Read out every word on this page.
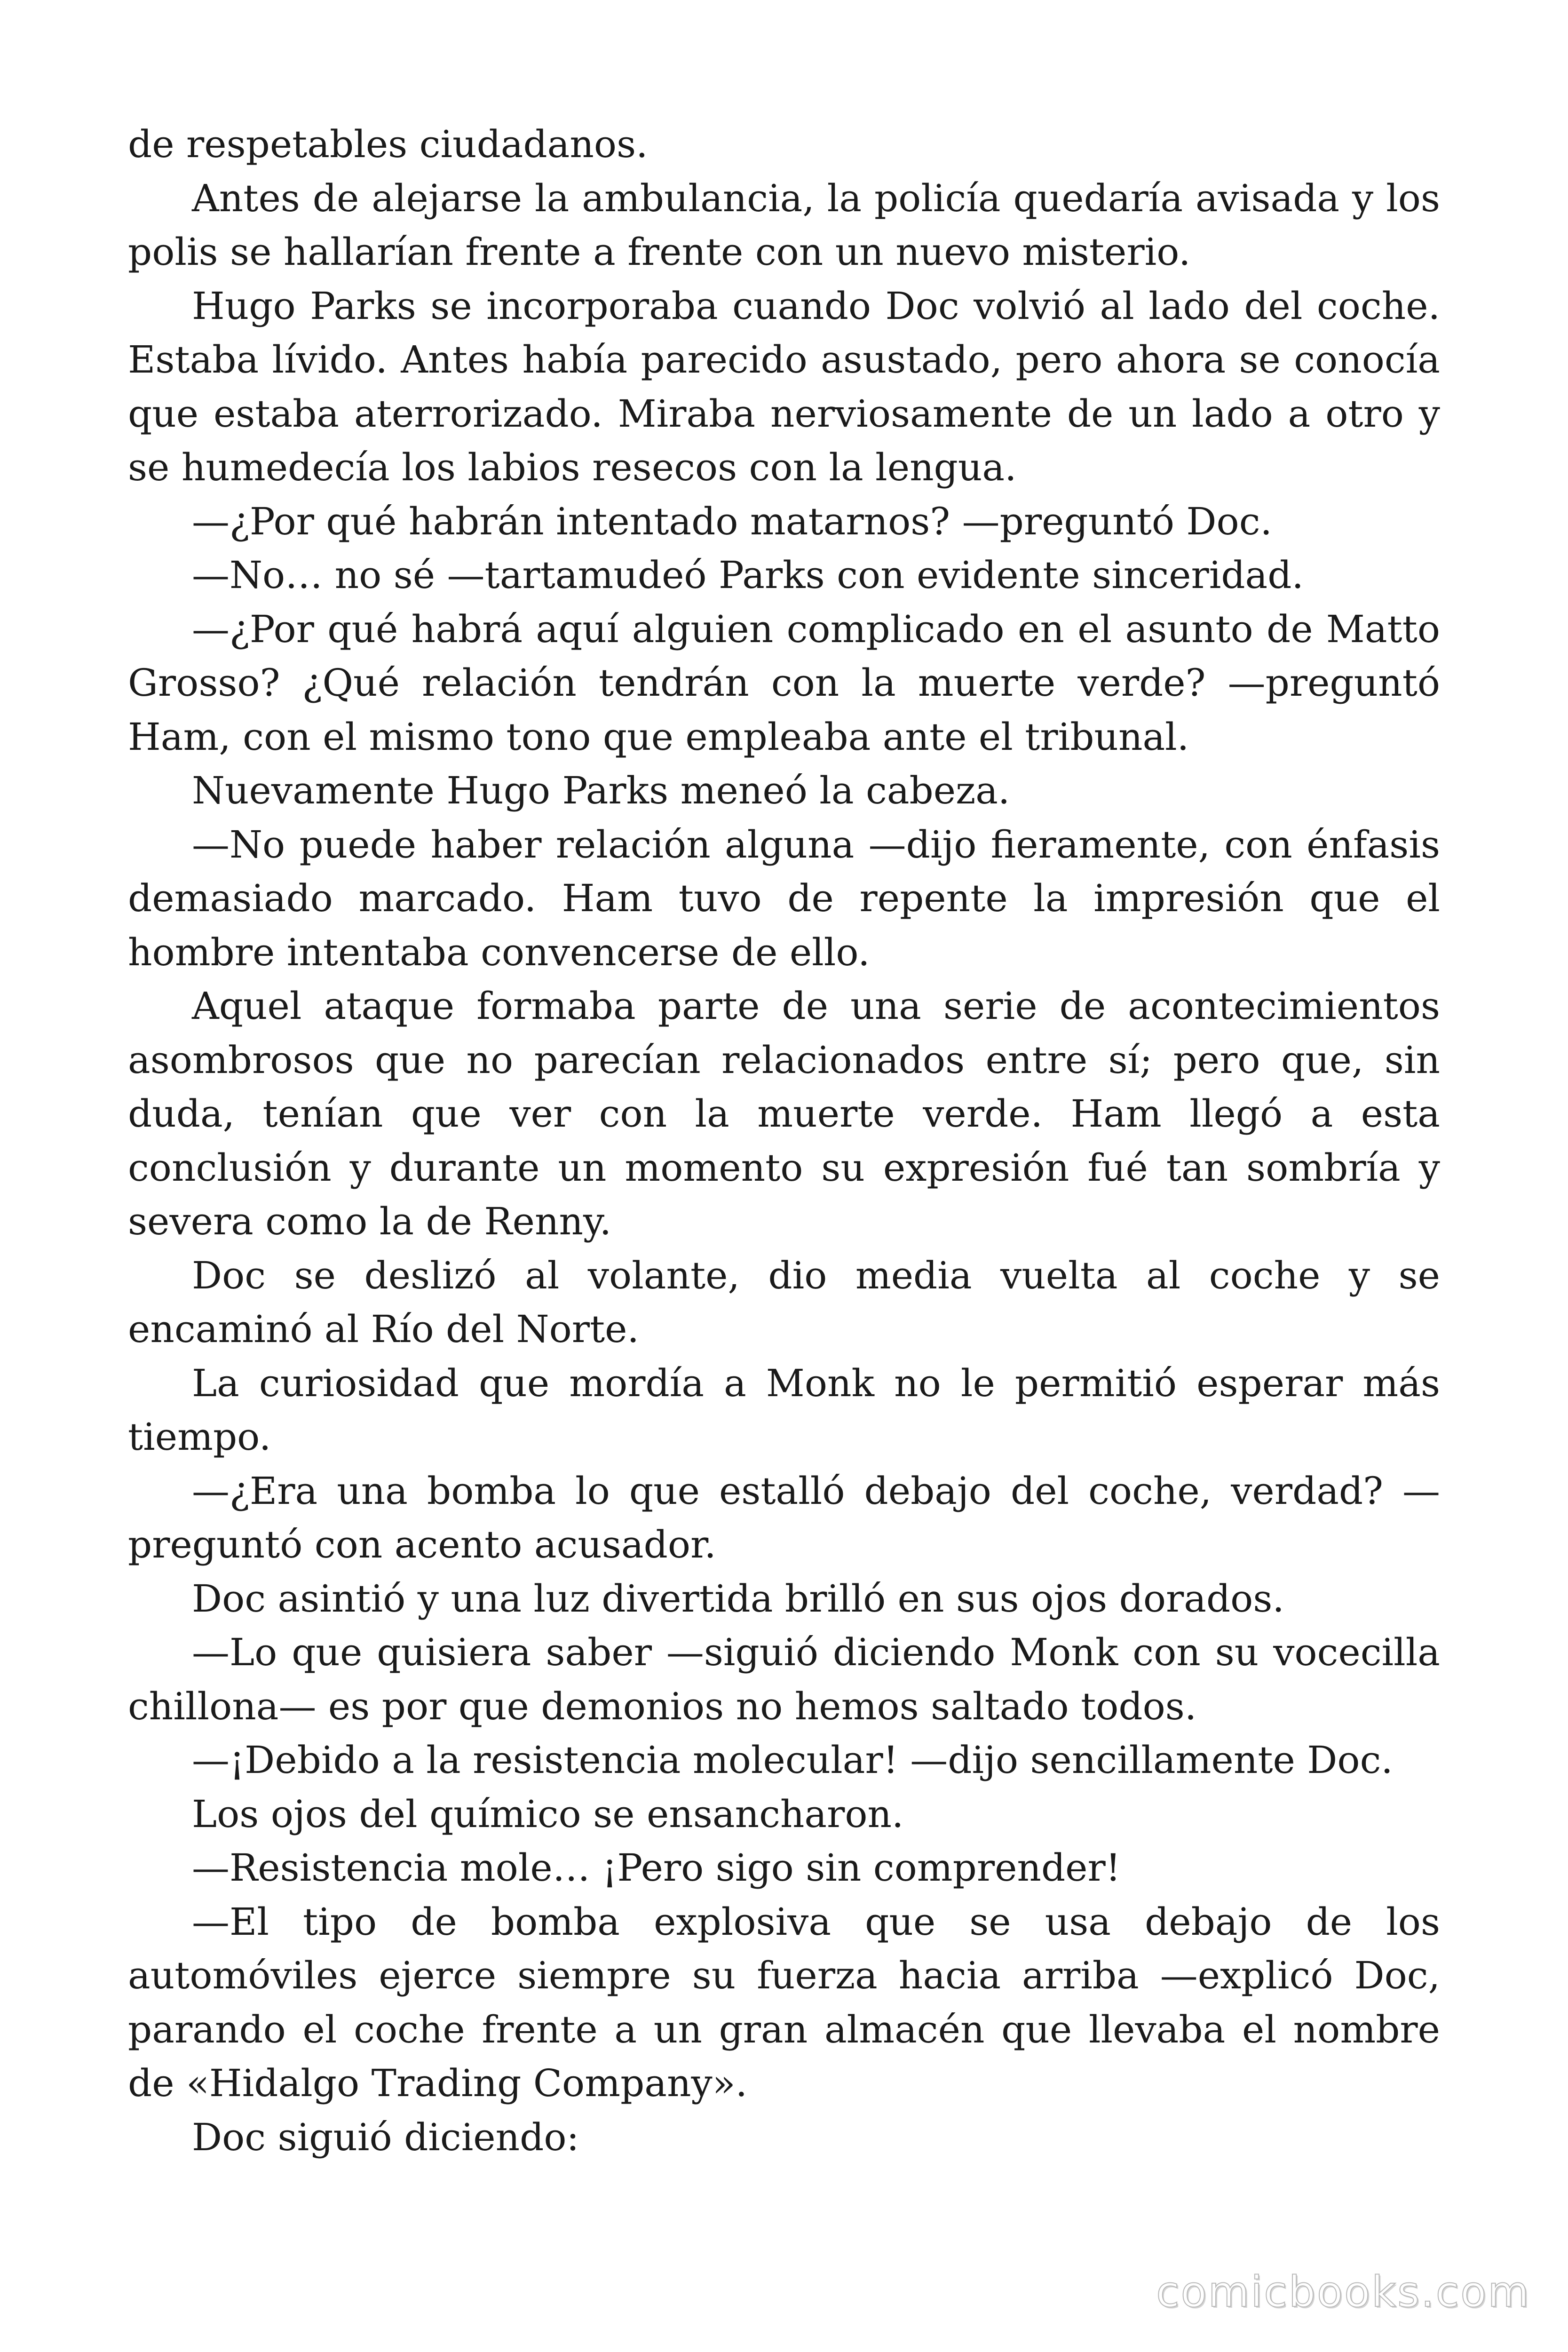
de respetables ciudadanos.

Antes de alejarse la ambulancia, la policía quedaría avisada y los polis se hallarían frente a frente con un nuevo misterio.

Hugo Parks se incorporaba cuando Doc volvió al lado del coche. Estaba lívido. Antes había parecido asustado, pero ahora se conocía que estaba aterrorizado. Miraba nerviosamente de un lado a otro y se humedecía los labios resecos con la lengua.

—¿Por qué habrán intentado matarnos? —preguntó Doc.

—No… no sé —tartamudeó Parks con evidente sinceridad.

—¿Por qué habrá aquí alguien complicado en el asunto de Matto Grosso? ¿Qué relación tendrán con la muerte verde? —preguntó Ham, con el mismo tono que empleaba ante el tribunal.

Nuevamente Hugo Parks meneó la cabeza.

—No puede haber relación alguna —dijo fieramente, con énfasis demasiado marcado. Ham tuvo de repente la impresión que el hombre intentaba convencerse de ello.

Aquel ataque formaba parte de una serie de acontecimientos asombrosos que no parecían relacionados entre sí; pero que, sin duda, tenían que ver con la muerte verde. Ham llegó a esta conclusión y durante un momento su expresión fué tan sombría y severa como la de Renny.

Doc se deslizó al volante, dio media vuelta al coche y se encaminó al Río del Norte.

La curiosidad que mordía a Monk no le permitió esperar más tiempo.

—¿Era una bomba lo que estalló debajo del coche, verdad? —preguntó con acento acusador.

Doc asintió y una luz divertida brilló en sus ojos dorados.

—Lo que quisiera saber —siguió diciendo Monk con su vocecilla chillona— es por que demonios no hemos saltado todos.

—¡Debido a la resistencia molecular! —dijo sencillamente Doc.

Los ojos del químico se ensancharon.

—Resistencia mole… ¡Pero sigo sin comprender!

—El tipo de bomba explosiva que se usa debajo de los automóviles ejerce siempre su fuerza hacia arriba —explicó Doc, parando el coche frente a un gran almacén que llevaba el nombre de «Hidalgo Trading Company».

Doc siguió diciendo:

comicbooks.com
